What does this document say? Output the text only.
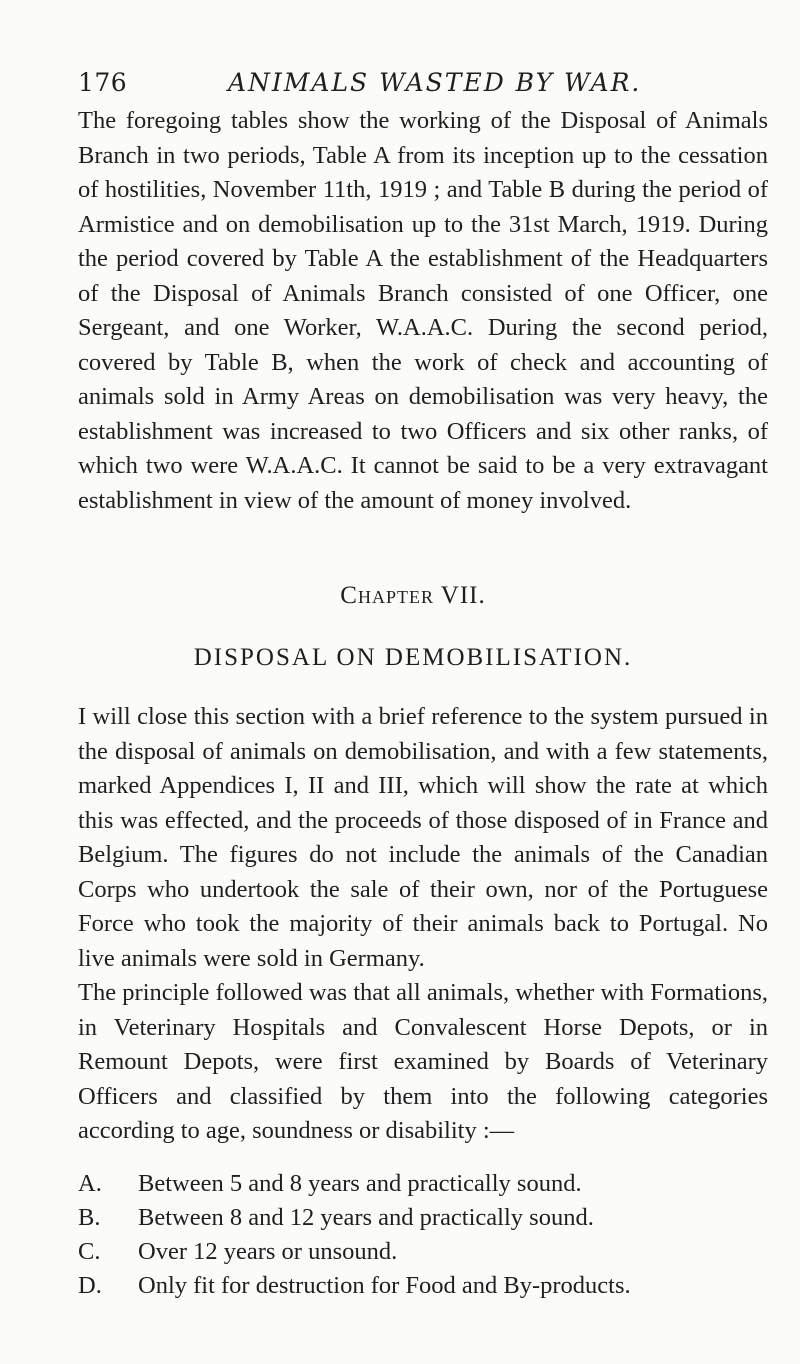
176	ANIMALS WASTED BY WAR.

The foregoing tables show the working of the Disposal of Animals Branch in two periods, Table A from its inception up to the cessation of hostilities, November 11th, 1919 ; and Table B during the period of Armistice and on demobilisation up to the 31st March, 1919. During the period covered by Table A the establishment of the Headquarters of the Disposal of Animals Branch consisted of one Officer, one Sergeant, and one Worker, W.A.A.C. During the second period, covered by Table B, when the work of check and accounting of animals sold in Army Areas on demobilisation was very heavy, the establishment was increased to two Officers and six other ranks, of which two were W.A.A.C. It cannot be said to be a very extravagant establishment in view of the amount of money involved.

Chapter VII.
DISPOSAL ON DEMOBILISATION.

I will close this section with a brief reference to the system pursued in the disposal of animals on demobilisation, and with a few statements, marked Appendices I, II and III, which will show the rate at which this was effected, and the proceeds of those disposed of in France and Belgium. The figures do not include the animals of the Canadian Corps who undertook the sale of their own, nor of the Portuguese Force who took the majority of their animals back to Portugal. No live animals were sold in Germany.

The principle followed was that all animals, whether with Formations, in Veterinary Hospitals and Convalescent Horse Depots, or in Remount Depots, were first examined by Boards of Veterinary Officers and classified by them into the following categories according to age, soundness or disability :—

A.	Between 5 and 8 years and practically sound.
B.	Between 8 and 12 years and practically sound.
C.	Over 12 years or unsound.
D.	Only fit for destruction for Food and By-products.
